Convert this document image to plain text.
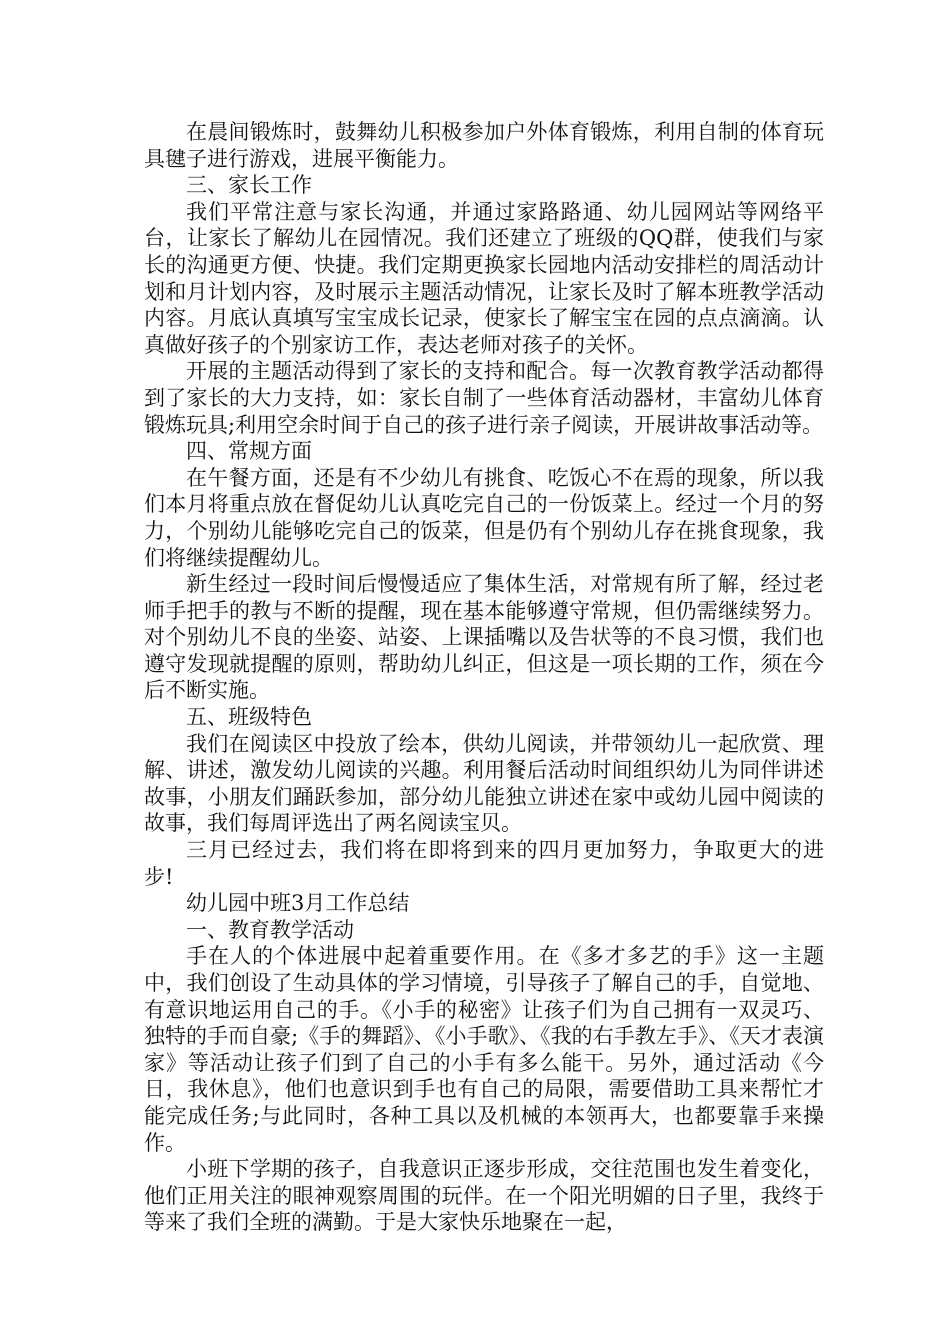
在晨间锻炼时，鼓舞幼儿积极参加户外体育锻炼，利用自制的体育玩具毽子进行游戏，进展平衡能力。

三、家长工作

我们平常注意与家长沟通，并通过家路路通、幼儿园网站等网络平台，让家长了解幼儿在园情况。我们还建立了班级的QQ群，使我们与家长的沟通更方便、快捷。我们定期更换家长园地内活动安排栏的周活动计划和月计划内容，及时展示主题活动情况，让家长及时了解本班教学活动内容。月底认真填写宝宝成长记录，使家长了解宝宝在园的点点滴滴。认真做好孩子的个别家访工作，表达老师对孩子的关怀。

开展的主题活动得到了家长的支持和配合。每一次教育教学活动都得到了家长的大力支持，如：家长自制了一些体育活动器材，丰富幼儿体育锻炼玩具;利用空余时间于自己的孩子进行亲子阅读，开展讲故事活动等。

四、常规方面

在午餐方面，还是有不少幼儿有挑食、吃饭心不在焉的现象，所以我们本月将重点放在督促幼儿认真吃完自己的一份饭菜上。经过一个月的努力，个别幼儿能够吃完自己的饭菜，但是仍有个别幼儿存在挑食现象，我们将继续提醒幼儿。

新生经过一段时间后慢慢适应了集体生活，对常规有所了解，经过老师手把手的教与不断的提醒，现在基本能够遵守常规，但仍需继续努力。对个别幼儿不良的坐姿、站姿、上课插嘴以及告状等的不良习惯，我们也遵守发现就提醒的原则，帮助幼儿纠正，但这是一项长期的工作，须在今后不断实施。

五、班级特色

我们在阅读区中投放了绘本，供幼儿阅读，并带领幼儿一起欣赏、理解、讲述，激发幼儿阅读的兴趣。利用餐后活动时间组织幼儿为同伴讲述故事，小朋友们踊跃参加，部分幼儿能独立讲述在家中或幼儿园中阅读的故事，我们每周评选出了两名阅读宝贝。

三月已经过去，我们将在即将到来的四月更加努力，争取更大的进步!

幼儿园中班3月工作总结

一、教育教学活动

手在人的个体进展中起着重要作用。在《多才多艺的手》这一主题中，我们创设了生动具体的学习情境，引导孩子了解自己的手，自觉地、有意识地运用自己的手。《小手的秘密》让孩子们为自己拥有一双灵巧、独特的手而自豪;《手的舞蹈》、《小手歌》、《我的右手教左手》、《天才表演家》等活动让孩子们到了自己的小手有多么能干。另外，通过活动《今日，我休息》，他们也意识到手也有自己的局限，需要借助工具来帮忙才能完成任务;与此同时，各种工具以及机械的本领再大，也都要靠手来操作。

小班下学期的孩子，自我意识正逐步形成，交往范围也发生着变化，他们正用关注的眼神观察周围的玩伴。在一个阳光明媚的日子里，我终于等来了我们全班的满勤。于是大家快乐地聚在一起，
